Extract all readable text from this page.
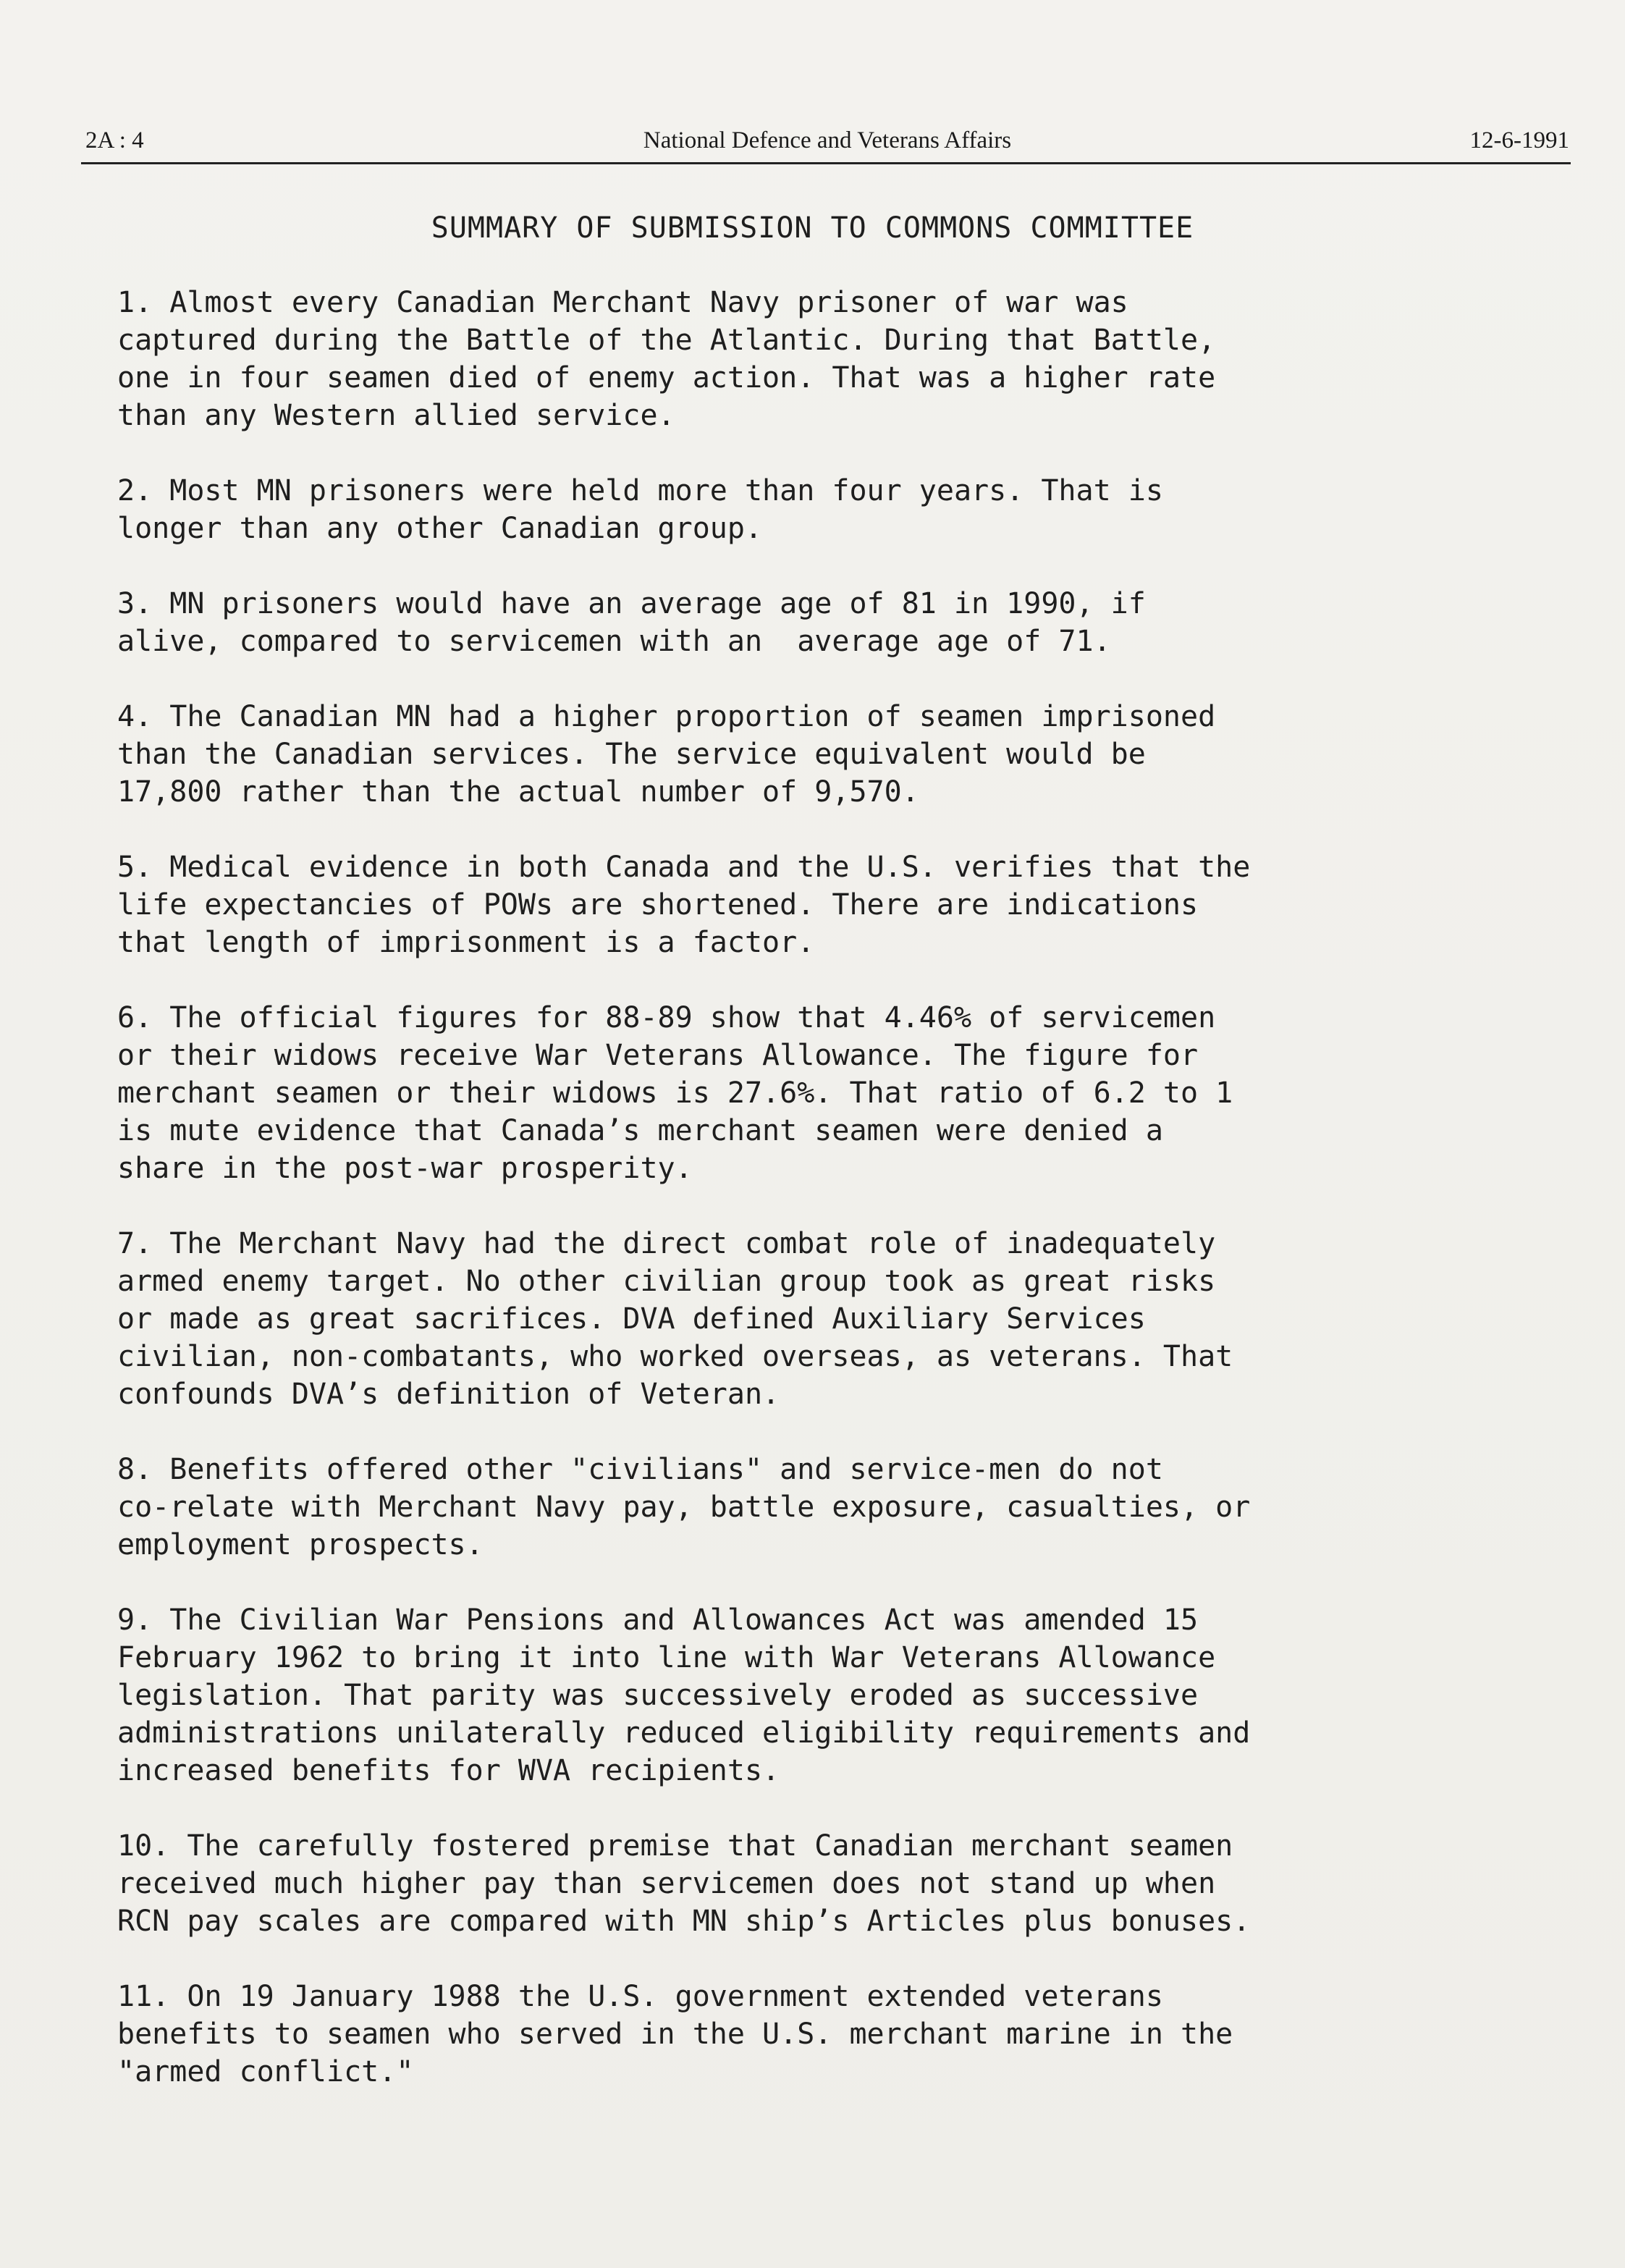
2A : 4	National Defence and Veterans Affairs	12-6-1991
SUMMARY OF SUBMISSION TO COMMONS COMMITTEE
1. Almost every Canadian Merchant Navy prisoner of war was
captured during the Battle of the Atlantic. During that Battle,
one in four seamen died of enemy action. That was a higher rate
than any Western allied service.
2. Most MN prisoners were held more than four years. That is
longer than any other Canadian group.
3. MN prisoners would have an average age of 81 in 1990, if
alive, compared to servicemen with an  average age of 71.
4. The Canadian MN had a higher proportion of seamen imprisoned
than the Canadian services. The service equivalent would be
17,800 rather than the actual number of 9,570.
5. Medical evidence in both Canada and the U.S. verifies that the
life expectancies of POWs are shortened. There are indications
that length of imprisonment is a factor.
6. The official figures for 88-89 show that 4.46% of servicemen
or their widows receive War Veterans Allowance. The figure for
merchant seamen or their widows is 27.6%. That ratio of 6.2 to 1
is mute evidence that Canada’s merchant seamen were denied a
share in the post-war prosperity.
7. The Merchant Navy had the direct combat role of inadequately
armed enemy target. No other civilian group took as great risks
or made as great sacrifices. DVA defined Auxiliary Services
civilian, non-combatants, who worked overseas, as veterans. That
confounds DVA’s definition of Veteran.
8. Benefits offered other "civilians" and service-men do not
co-relate with Merchant Navy pay, battle exposure, casualties, or
employment prospects.
9. The Civilian War Pensions and Allowances Act was amended 15
February 1962 to bring it into line with War Veterans Allowance
legislation. That parity was successively eroded as successive
administrations unilaterally reduced eligibility requirements and
increased benefits for WVA recipients.
10. The carefully fostered premise that Canadian merchant seamen
received much higher pay than servicemen does not stand up when
RCN pay scales are compared with MN ship’s Articles plus bonuses.
11. On 19 January 1988 the U.S. government extended veterans
benefits to seamen who served in the U.S. merchant marine in the
"armed conflict."
